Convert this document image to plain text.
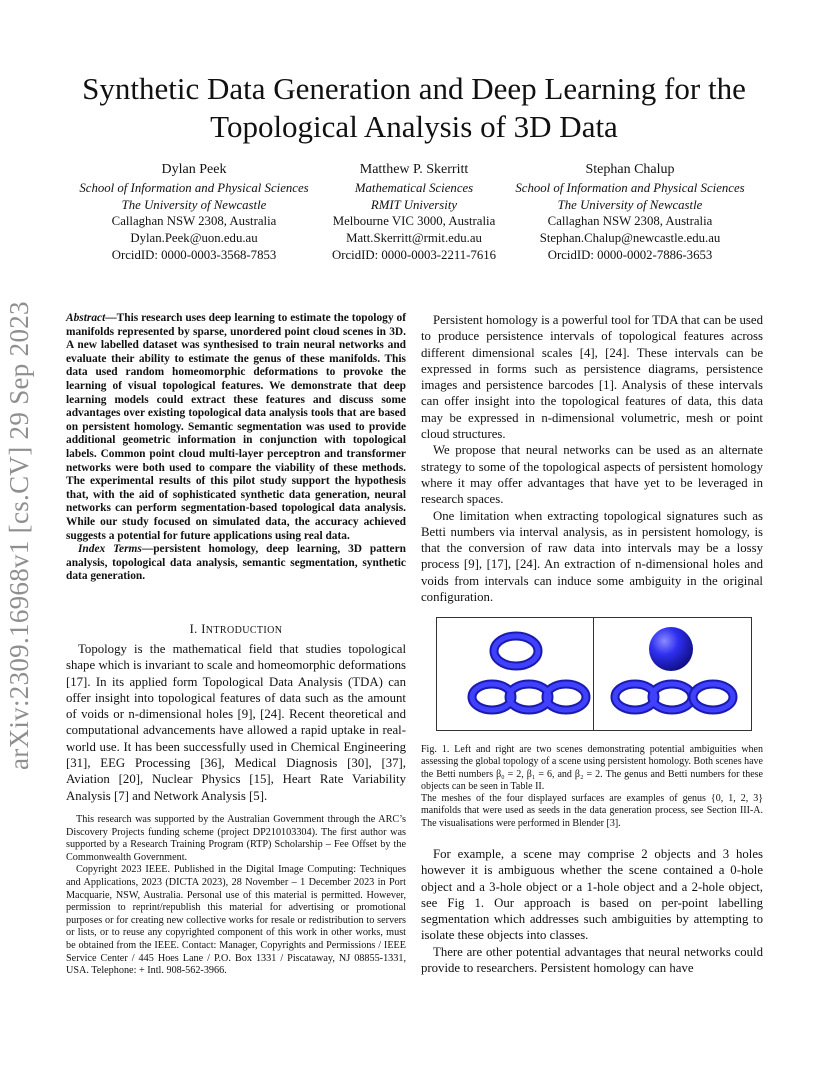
Synthetic Data Generation and Deep Learning for the Topological Analysis of 3D Data
Dylan Peek
School of Information and Physical Sciences
The University of Newcastle
Callaghan NSW 2308, Australia
Dylan.Peek@uon.edu.au
OrcidID: 0000-0003-3568-7853
Matthew P. Skerritt
Mathematical Sciences
RMIT University
Melbourne VIC 3000, Australia
Matt.Skerritt@rmit.edu.au
OrcidID: 0000-0003-2211-7616
Stephan Chalup
School of Information and Physical Sciences
The University of Newcastle
Callaghan NSW 2308, Australia
Stephan.Chalup@newcastle.edu.au
OrcidID: 0000-0002-7886-3653
arXiv:2309.16968v1 [cs.CV] 29 Sep 2023	Abstract—This research uses deep learning to estimate the topology of manifolds represented by sparse, unordered point cloud scenes in 3D. A new labelled dataset was synthesised to train neural networks and evaluate their ability to estimate the genus of these manifolds. This data used random homeomorphic deformations to provoke the learning of visual topological features. We demonstrate that deep learning models could extract these features and discuss some advantages over existing topological data analysis tools that are based on persistent homology. Semantic segmentation was used to provide additional geometric information in conjunction with topological labels. Common point cloud multi-layer perceptron and transformer networks were both used to compare the viability of these methods. The experimental results of this pilot study support the hypothesis that, with the aid of sophisticated synthetic data generation, neural networks can perform segmentation-based topological data analysis. While our study focused on simulated data, the accuracy achieved suggests a potential for future applications using real data.

Index Terms—persistent homology, deep learning, 3D pattern analysis, topological data analysis, semantic segmentation, synthetic data generation.

I. INTRODUCTION

Topology is the mathematical field that studies topological shape which is invariant to scale and homeomorphic deformations [17]. In its applied form Topological Data Analysis (TDA) can offer insight into topological features of data such as the amount of voids or n-dimensional holes [9], [24]. Recent theoretical and computational advancements have allowed a rapid uptake in real-world use. It has been successfully used in Chemical Engineering [31], EEG Processing [36], Medical Diagnosis [30], [37], Aviation [20], Nuclear Physics [15], Heart Rate Variability Analysis [7] and Network Analysis [5].

This research was supported by the Australian Government through the ARC’s Discovery Projects funding scheme (project DP210103304). The first author was supported by a Research Training Program (RTP) Scholarship – Fee Offset by the Commonwealth Government.

Copyright 2023 IEEE. Published in the Digital Image Computing: Techniques and Applications, 2023 (DICTA 2023), 28 November – 1 December 2023 in Port Macquarie, NSW, Australia. Personal use of this material is permitted. However, permission to reprint/republish this material for advertising or promotional purposes or for creating new collective works for resale or redistribution to servers or lists, or to reuse any copyrighted component of this work in other works, must be obtained from the IEEE. Contact: Manager, Copyrights and Permissions / IEEE Service Center / 445 Hoes Lane / P.O. Box 1331 / Piscataway, NJ 08855-1331, USA. Telephone: + Intl. 908-562-3966.

Persistent homology is a powerful tool for TDA that can be used to produce persistence intervals of topological features across different dimensional scales [4], [24]. These intervals can be expressed in forms such as persistence diagrams, persistence images and persistence barcodes [1]. Analysis of these intervals can offer insight into the topological features of data, this data may be expressed in n-dimensional volumetric, mesh or point cloud structures.

We propose that neural networks can be used as an alternate strategy to some of the topological aspects of persistent homology where it may offer advantages that have yet to be leveraged in research spaces.

One limitation when extracting topological signatures such as Betti numbers via interval analysis, as in persistent homology, is that the conversion of raw data into intervals may be a lossy process [9], [17], [24]. An extraction of n-dimensional holes and voids from intervals can induce some ambiguity in the original configuration.

Fig. 1. Left and right are two scenes demonstrating potential ambiguities when assessing the global topology of a scene using persistent homology. Both scenes have the Betti numbers β₀ = 2, β₁ = 6, and β₂ = 2. The genus and Betti numbers for these objects can be seen in Table II.

The meshes of the four displayed surfaces are examples of genus {0, 1, 2, 3} manifolds that were used as seeds in the data generation process, see Section III-A. The visualisations were performed in Blender [3].

For example, a scene may comprise 2 objects and 3 holes however it is ambiguous whether the scene contained a 0-hole object and a 3-hole object or a 1-hole object and a 2-hole object, see Fig 1. Our approach is based on per-point labelling segmentation which addresses such ambiguities by attempting to isolate these objects into classes.

There are other potential advantages that neural networks could provide to researchers. Persistent homology can have
